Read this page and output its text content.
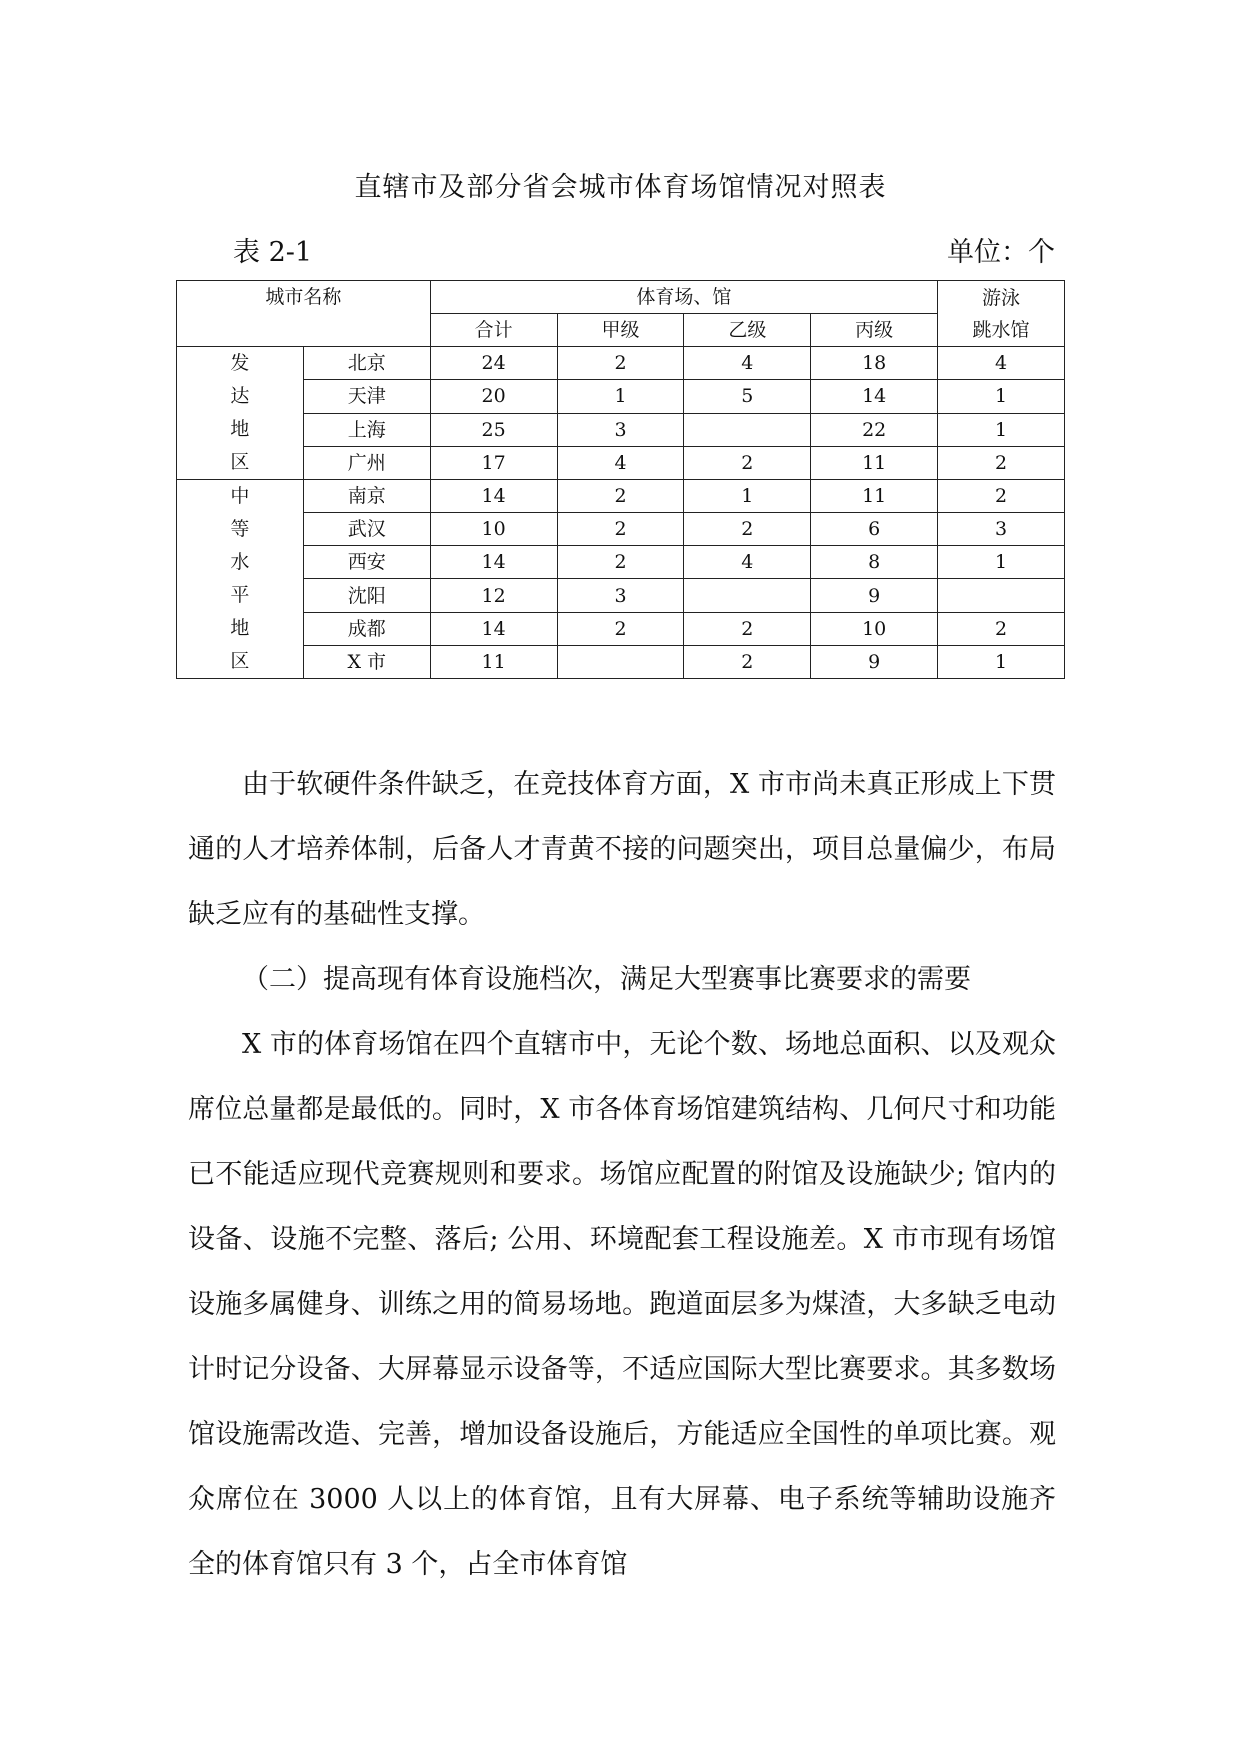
直辖市及部分省会城市体育场馆情况对照表
表 2-1	单位：个
城市名称		体育场、馆				游泳
跳水馆

		合计	甲级	乙级	丙级	
发达地区	北京	24	2	4	18	4
	天津	20	1	5	14	1
	上海	25	3		22	1
	广州	17	4	2	11	2
中等水平地区	南京	14	2	1	11	2
	武汉	10	2	2	6	3
	西安	14	2	4	8	1
	沈阳	12	3		9	
	成都	14	2	2	10	2
	X 市	11		2	9	1

由于软硬件条件缺乏，在竞技体育方面，X 市市尚未真正形成上下贯通的人才培养体制，后备人才青黄不接的问题突出，项目总量偏少，布局缺乏应有的基础性支撑。

（二）提高现有体育设施档次，满足大型赛事比赛要求的需要

X 市的体育场馆在四个直辖市中，无论个数、场地总面积、以及观众席位总量都是最低的。同时，X 市各体育场馆建筑结构、几何尺寸和功能已不能适应现代竞赛规则和要求。场馆应配置的附馆及设施缺少; 馆内的设备、设施不完整、落后; 公用、环境配套工程设施差。X 市市现有场馆设施多属健身、训练之用的简易场地。跑道面层多为煤渣，大多缺乏电动计时记分设备、大屏幕显示设备等，不适应国际大型比赛要求。其多数场馆设施需改造、完善，增加设备设施后，方能适应全国性的单项比赛。观众席位在 3000 人以上的体育馆，且有大屏幕、电子系统等辅助设施齐全的体育馆只有 3 个，占全市体育馆
